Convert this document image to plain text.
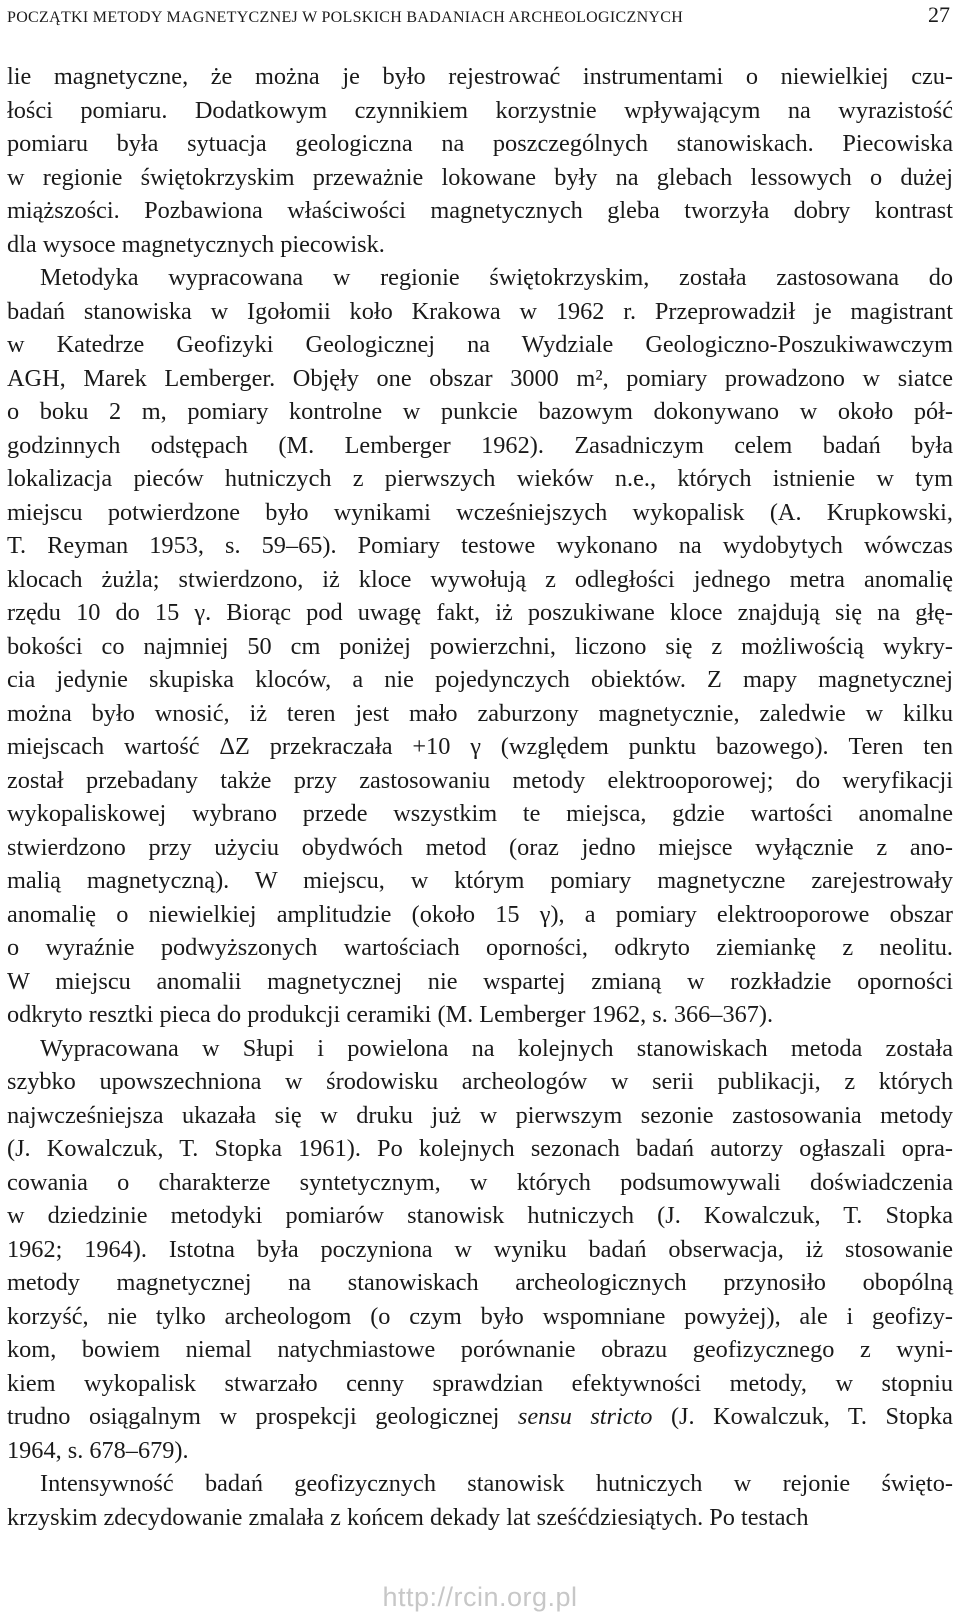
POCZĄTKI METODY MAGNETYCZNEJ W POLSKICH BADANIACH ARCHEOLOGICZNYCH	27

lie magnetyczne, że można je było rejestrować instrumentami o niewielkiej czu-
łości pomiaru. Dodatkowym czynnikiem korzystnie wpływającym na wyrazistość
pomiaru była sytuacja geologiczna na poszczególnych stanowiskach. Piecowiska
w regionie świętokrzyskim przeważnie lokowane były na glebach lessowych o dużej
miąższości. Pozbawiona właściwości magnetycznych gleba tworzyła dobry kontrast
dla wysoce magnetycznych piecowisk.

Metodyka wypracowana w regionie świętokrzyskim, została zastosowana do
badań stanowiska w Igołomii koło Krakowa w 1962 r. Przeprowadził je magistrant
w Katedrze Geofizyki Geologicznej na Wydziale Geologiczno-Poszukiwawczym
AGH, Marek Lemberger. Objęły one obszar 3000 m², pomiary prowadzono w siatce
o boku 2 m, pomiary kontrolne w punkcie bazowym dokonywano w około pół-
godzinnych odstępach (M. Lemberger 1962). Zasadniczym celem badań była
lokalizacja pieców hutniczych z pierwszych wieków n.e., których istnienie w tym
miejscu potwierdzone było wynikami wcześniejszych wykopalisk (A. Krupkowski,
T. Reyman 1953, s. 59–65). Pomiary testowe wykonano na wydobytych wówczas
klocach żużla; stwierdzono, iż kloce wywołują z odległości jednego metra anomalię
rzędu 10 do 15 γ. Biorąc pod uwagę fakt, iż poszukiwane kloce znajdują się na głę-
bokości co najmniej 50 cm poniżej powierzchni, liczono się z możliwością wykry-
cia jedynie skupiska kloców, a nie pojedynczych obiektów. Z mapy magnetycznej
można było wnosić, iż teren jest mało zaburzony magnetycznie, zaledwie w kilku
miejscach wartość ΔZ przekraczała +10 γ (względem punktu bazowego). Teren ten
został przebadany także przy zastosowaniu metody elektrooporowej; do weryfikacji
wykopaliskowej wybrano przede wszystkim te miejsca, gdzie wartości anomalne
stwierdzono przy użyciu obydwóch metod (oraz jedno miejsce wyłącznie z ano-
malią magnetyczną). W miejscu, w którym pomiary magnetyczne zarejestrowały
anomalię o niewielkiej amplitudzie (około 15 γ), a pomiary elektrooporowe obszar
o wyraźnie podwyższonych wartościach oporności, odkryto ziemiankę z neolitu.
W miejscu anomalii magnetycznej nie wspartej zmianą w rozkładzie oporności
odkryto resztki pieca do produkcji ceramiki (M. Lemberger 1962, s. 366–367).

Wypracowana w Słupi i powielona na kolejnych stanowiskach metoda została
szybko upowszechniona w środowisku archeologów w serii publikacji, z których
najwcześniejsza ukazała się w druku już w pierwszym sezonie zastosowania metody
(J. Kowalczuk, T. Stopka 1961). Po kolejnych sezonach badań autorzy ogłaszali opra-
cowania o charakterze syntetycznym, w których podsumowywali doświadczenia
w dziedzinie metodyki pomiarów stanowisk hutniczych (J. Kowalczuk, T. Stopka
1962; 1964). Istotna była poczyniona w wyniku badań obserwacja, iż stosowanie
metody magnetycznej na stanowiskach archeologicznych przynosiło obopólną
korzyść, nie tylko archeologom (o czym było wspomniane powyżej), ale i geofizy-
kom, bowiem niemal natychmiastowe porównanie obrazu geofizycznego z wyni-
kiem wykopalisk stwarzało cenny sprawdzian efektywności metody, w stopniu
trudno osiągalnym w prospekcji geologicznej sensu stricto (J. Kowalczuk, T. Stopka
1964, s. 678–679).

Intensywność badań geofizycznych stanowisk hutniczych w rejonie święto-
krzyskim zdecydowanie zmalała z końcem dekady lat sześćdziesiątych. Po testach

http://rcin.org.pl
